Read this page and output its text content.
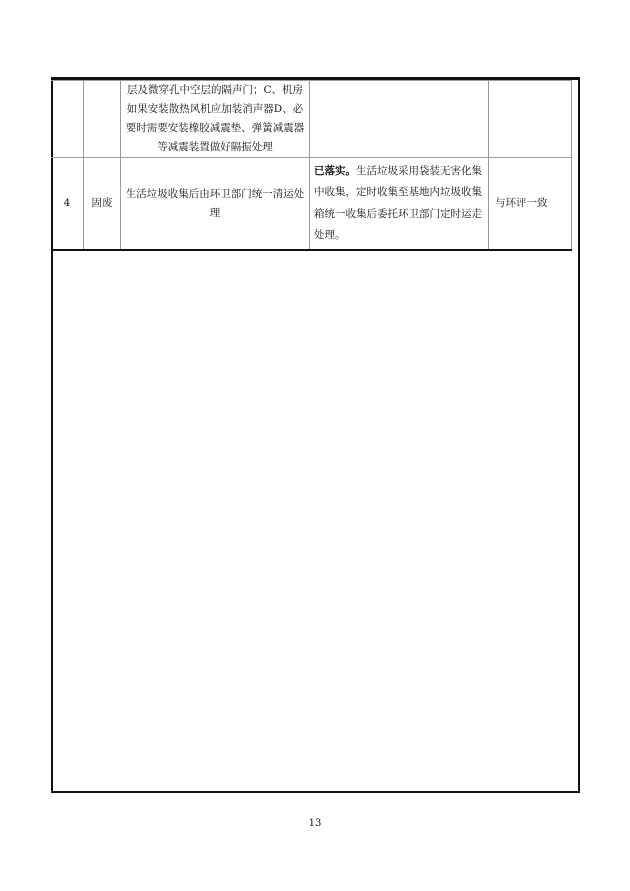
		层及微穿孔中空层的隔声门；C、机房如果安装散热风机应加装消声器D、必要时需要安装橡胶减震垫、弹簧减震器等减震装置做好隔振处理		
4	固废	生活垃圾收集后由环卫部门统一清运处理	已落实。生活垃圾采用袋装无害化集中收集，定时收集至基地内垃圾收集箱统一收集后委托环卫部门定时运走处理。	与环评一致
13
